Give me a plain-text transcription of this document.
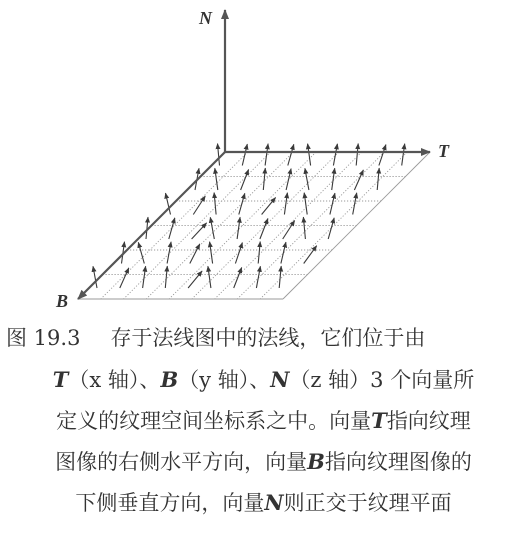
N
T
B
图 19.3 存于法线图中的法线，它们位于由
T（x 轴）、B（y 轴）、N（z 轴）3 个向量所
定义的纹理空间坐标系之中。向量T指向纹理
图像的右侧水平方向，向量B指向纹理图像的
下侧垂直方向，向量N则正交于纹理平面
